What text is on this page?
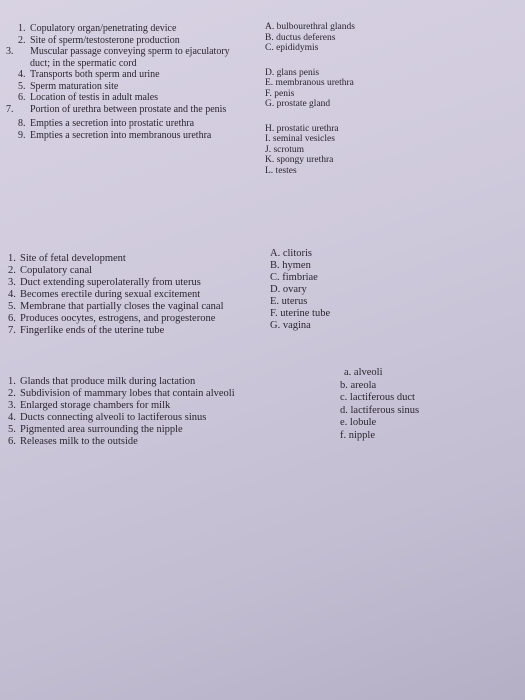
1. Copulatory organ/penetrating device
2. Site of sperm/testosterone production
3. Muscular passage conveying sperm to ejaculatory duct; in the spermatic cord
4. Transports both sperm and urine
5. Sperm maturation site
6. Location of testis in adult males
7. Portion of urethra between prostate and the penis
8. Empties a secretion into prostatic urethra
9. Empties a secretion into membranous urethra
A. bulbourethral glands
B. ductus deferens
C. epididymis
D. glans penis
E. membranous urethra
F. penis
G. prostate gland
H. prostatic urethra
I. seminal vesicles
J. scrotum
K. spongy urethra
L. testes
1. Site of fetal development
2. Copulatory canal
3. Duct extending superolaterally from uterus
4. Becomes erectile during sexual excitement
5. Membrane that partially closes the vaginal canal
6. Produces oocytes, estrogens, and progesterone
7. Fingerlike ends of the uterine tube
A. clitoris
B. hymen
C. fimbriae
D. ovary
E. uterus
F. uterine tube
G. vagina
1. Glands that produce milk during lactation
2. Subdivision of mammary lobes that contain alveoli
3. Enlarged storage chambers for milk
4. Ducts connecting alveoli to lactiferous sinus
5. Pigmented area surrounding the nipple
6. Releases milk to the outside
a. alveoli
b. areola
c. lactiferous duct
d. lactiferous sinus
e. lobule
f. nipple
